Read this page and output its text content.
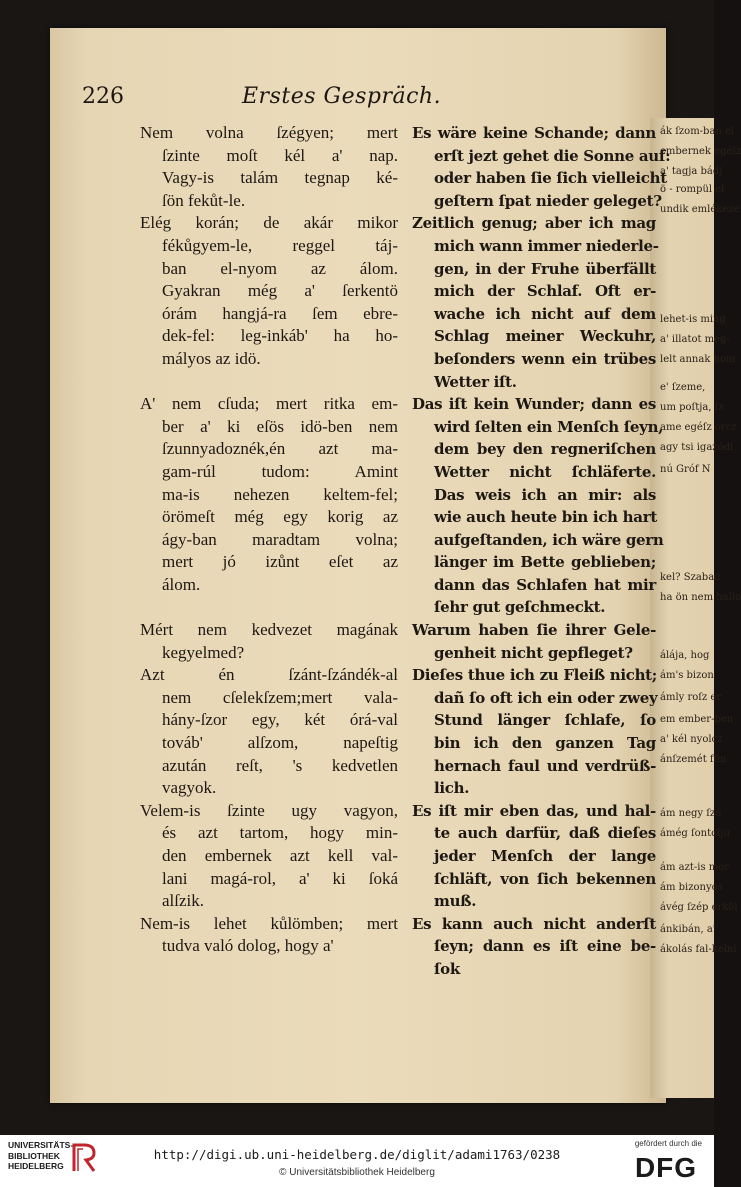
ák ſzom-ban el
embernek egéſz
a' tagja bádj
ö - rompül el
undik emlékeze
lehet-is ming
a' illatot meg-
lelt annak hom
e' ſzeme,
um poſtja, ſz
ame egéſz orcz
agy tsi igazódi
nú Gróf N
kel? Szabad
ha ön nem hallo
álája, hog
ám's bizon
ámly roſz er
em ember-ben
a' kél nyolcz
ánſzemét fün
ám negy ſzó
ámég ſontolju
ám azt-is mor
ám bizonyos
ávég ſzép erköl
ánkibán, a'
ákolás fal-kelni
226	Erstes Gespräch.
Nem volna ſzégyen; mert
ſzinte moſt kél a' nap.
Vagy-is talám tegnap ké-
ſön fekůt-le.
Elég korán; de akár mikor
fékůgyem-le, reggel táj-
ban el-nyom az álom.
Gyakran még a' ſerkentö
órám hangjá-ra ſem ebre-
dek-fel: leg-inkáb' ha ho-
mályos az idö.
A' nem cſuda; mert ritka em-
ber a' ki eſös idö-ben nem
ſzunnyadoznék,én azt ma-
gam-rúl tudom: Amint
ma-is nehezen keltem-fel;
örömeſt még egy korig az
ágy-ban maradtam volna;
mert jó izůnt eſet az
álom.
Mért nem kedvezet magának
kegyelmed?
Azt én ſzánt-ſzándék-al
nem cſelekſzem;mert vala-
hány-ſzor egy, két órá-val
továb' alſzom, napeſtig
azután reſt, 's kedvetlen
vagyok.
Velem-is ſzinte ugy vagyon,
és azt tartom, hogy min-
den embernek azt kell val-
lani magá-rol, a' ki ſoká
alſzik.
Nem-is lehet kůlömben; mert
tudva való dolog, hogy a'
Es wäre keine Schande; dann
erſt jezt gehet die Sonne auf:
oder haben ſie ſich vielleicht
geſtern ſpat nieder geleget?
Zeitlich genug; aber ich mag
mich wann immer niederle-
gen, in der Fruhe überfällt
mich der Schlaf. Oft er-
wache ich nicht auf dem
Schlag meiner Weckuhr,
beſonders wenn ein trübes
Wetter iſt.
Das iſt kein Wunder; dann es
wird ſelten ein Menſch ſeyn,
dem bey den regneriſchen
Wetter nicht ſchläferte.
Das weis ich an mir: als
wie auch heute bin ich hart
aufgeſtanden, ich wäre gern
länger im Bette geblieben;
dann das Schlafen hat mir
ſehr gut geſchmeckt.
Warum haben ſie ihrer Gele-
genheit nicht gepfleget?
Dieſes thue ich zu Fleiß nicht;
dañ ſo oft ich ein oder zwey
Stund länger ſchlafe, ſo
bin ich den ganzen Tag
hernach faul und verdrüß-
lich.
Es iſt mir eben das, und hal-
te auch darfür, daß dieſes
jeder Menſch der lange
ſchläft, von ſich bekennen
muß.
Es kann auch nicht anderſt
ſeyn; dann es iſt eine be-
ſok
UNIVERSITÄTS-
BIBLIOTHEK
HEIDELBERG
http://digi.ub.uni-heidelberg.de/diglit/adami1763/0238
© Universitätsbibliothek Heidelberg
gefördert durch die
DFG
